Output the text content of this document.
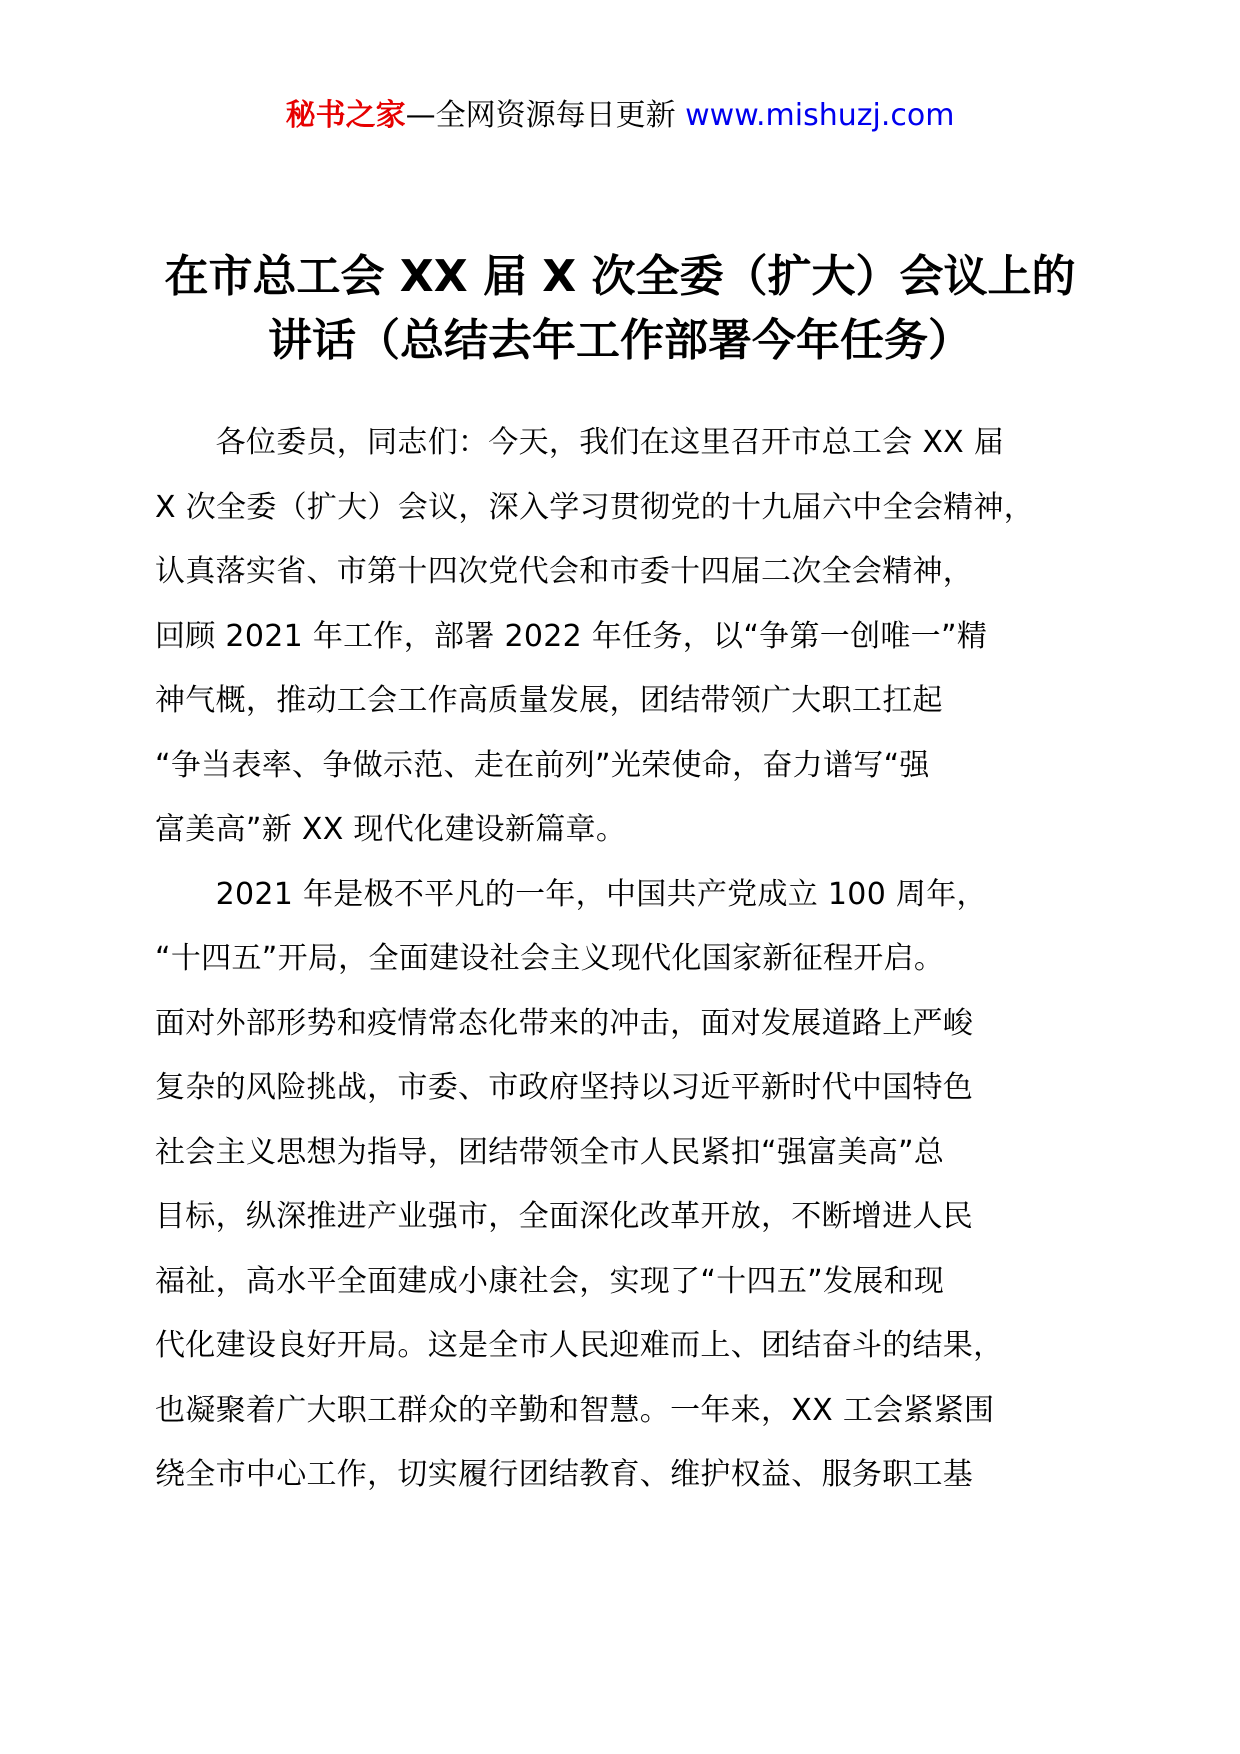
秘书之家—全网资源每日更新 www.mishuzj.com
在市总工会 XX 届 X 次全委（扩大）会议上的
讲话（总结去年工作部署今年任务）

　　各位委员，同志们：今天，我们在这里召开市总工会 XX 届
X 次全委（扩大）会议，深入学习贯彻党的十九届六中全会精神，
认真落实省、市第十四次党代会和市委十四届二次全会精神，
回顾 2021 年工作，部署 2022 年任务，以“争第一创唯一”精
神气概，推动工会工作高质量发展，团结带领广大职工扛起
“争当表率、争做示范、走在前列”光荣使命，奋力谱写“强
富美高”新 XX 现代化建设新篇章。

　　2021 年是极不平凡的一年，中国共产党成立 100 周年，
“十四五”开局，全面建设社会主义现代化国家新征程开启。
面对外部形势和疫情常态化带来的冲击，面对发展道路上严峻
复杂的风险挑战，市委、市政府坚持以习近平新时代中国特色
社会主义思想为指导，团结带领全市人民紧扣“强富美高”总
目标，纵深推进产业强市，全面深化改革开放，不断增进人民
福祉，高水平全面建成小康社会，实现了“十四五”发展和现
代化建设良好开局。这是全市人民迎难而上、团结奋斗的结果，
也凝聚着广大职工群众的辛勤和智慧。一年来，XX 工会紧紧围
绕全市中心工作，切实履行团结教育、维护权益、服务职工基
